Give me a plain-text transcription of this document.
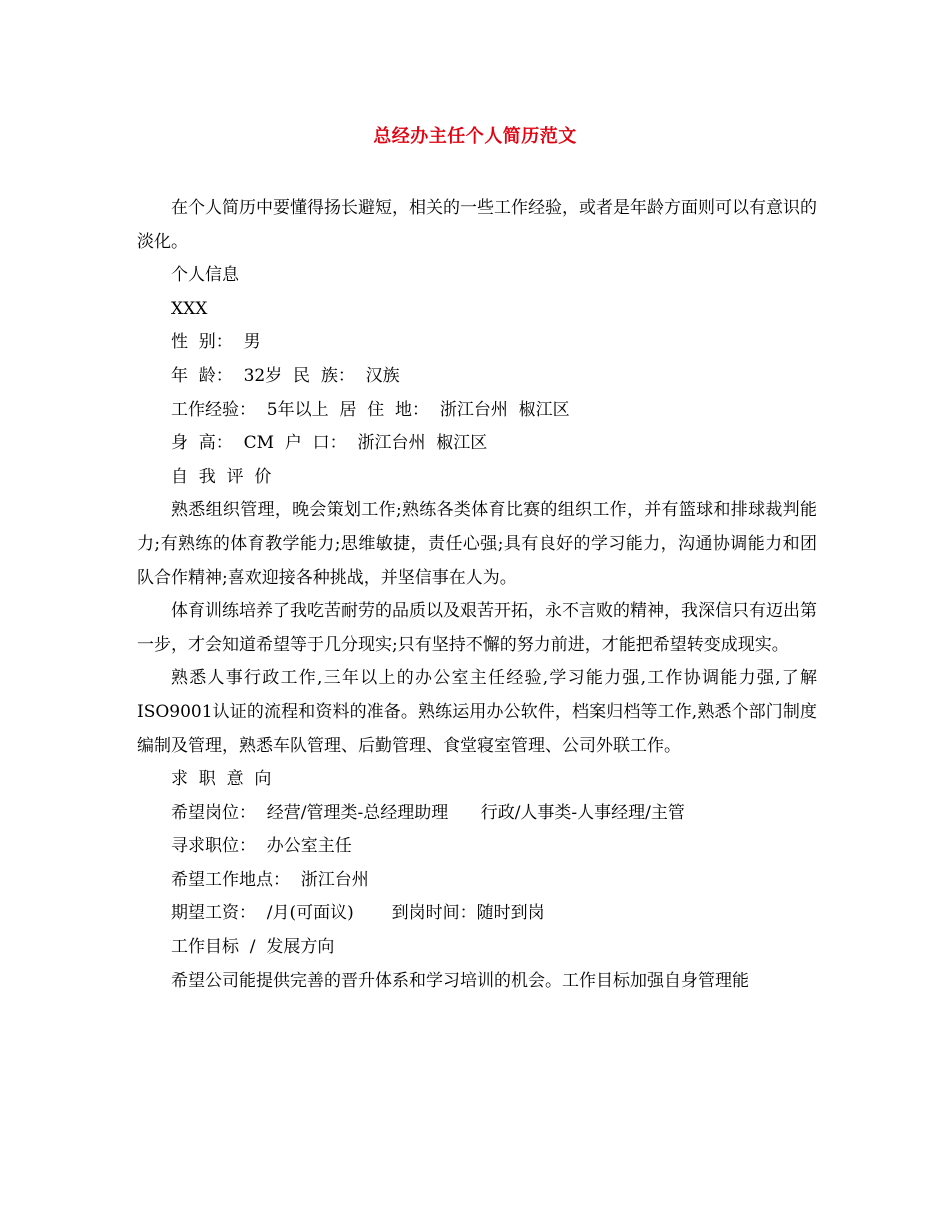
总经办主任个人简历范文

在个人简历中要懂得扬长避短，相关的一些工作经验，或者是年龄方面则可以有意识的淡化。

个人信息

XXX

性  别：  男

年  龄：  32岁  民  族：  汉族

工作经验：  5年以上  居  住  地：  浙江台州  椒江区

身  高：  CM  户  口：  浙江台州  椒江区

自  我  评  价

熟悉组织管理，晚会策划工作;熟练各类体育比赛的组织工作，并有篮球和排球裁判能力;有熟练的体育教学能力;思维敏捷，责任心强;具有良好的学习能力，沟通协调能力和团队合作精神;喜欢迎接各种挑战，并坚信事在人为。

体育训练培养了我吃苦耐劳的品质以及艰苦开拓，永不言败的精神，我深信只有迈出第一步，才会知道希望等于几分现实;只有坚持不懈的努力前进，才能把希望转变成现实。

熟悉人事行政工作,三年以上的办公室主任经验,学习能力强,工作协调能力强,了解ISO9001认证的流程和资料的准备。熟练运用办公软件，档案归档等工作,熟悉个部门制度编制及管理，熟悉车队管理、后勤管理、食堂寝室管理、公司外联工作。

求  职  意  向

希望岗位：  经营/管理类-总经理助理      行政/人事类-人事经理/主管

寻求职位：  办公室主任

希望工作地点：  浙江台州

期望工资：  /月(可面议)       到岗时间：随时到岗

工作目标  /  发展方向

希望公司能提供完善的晋升体系和学习培训的机会。工作目标加强自身管理能
